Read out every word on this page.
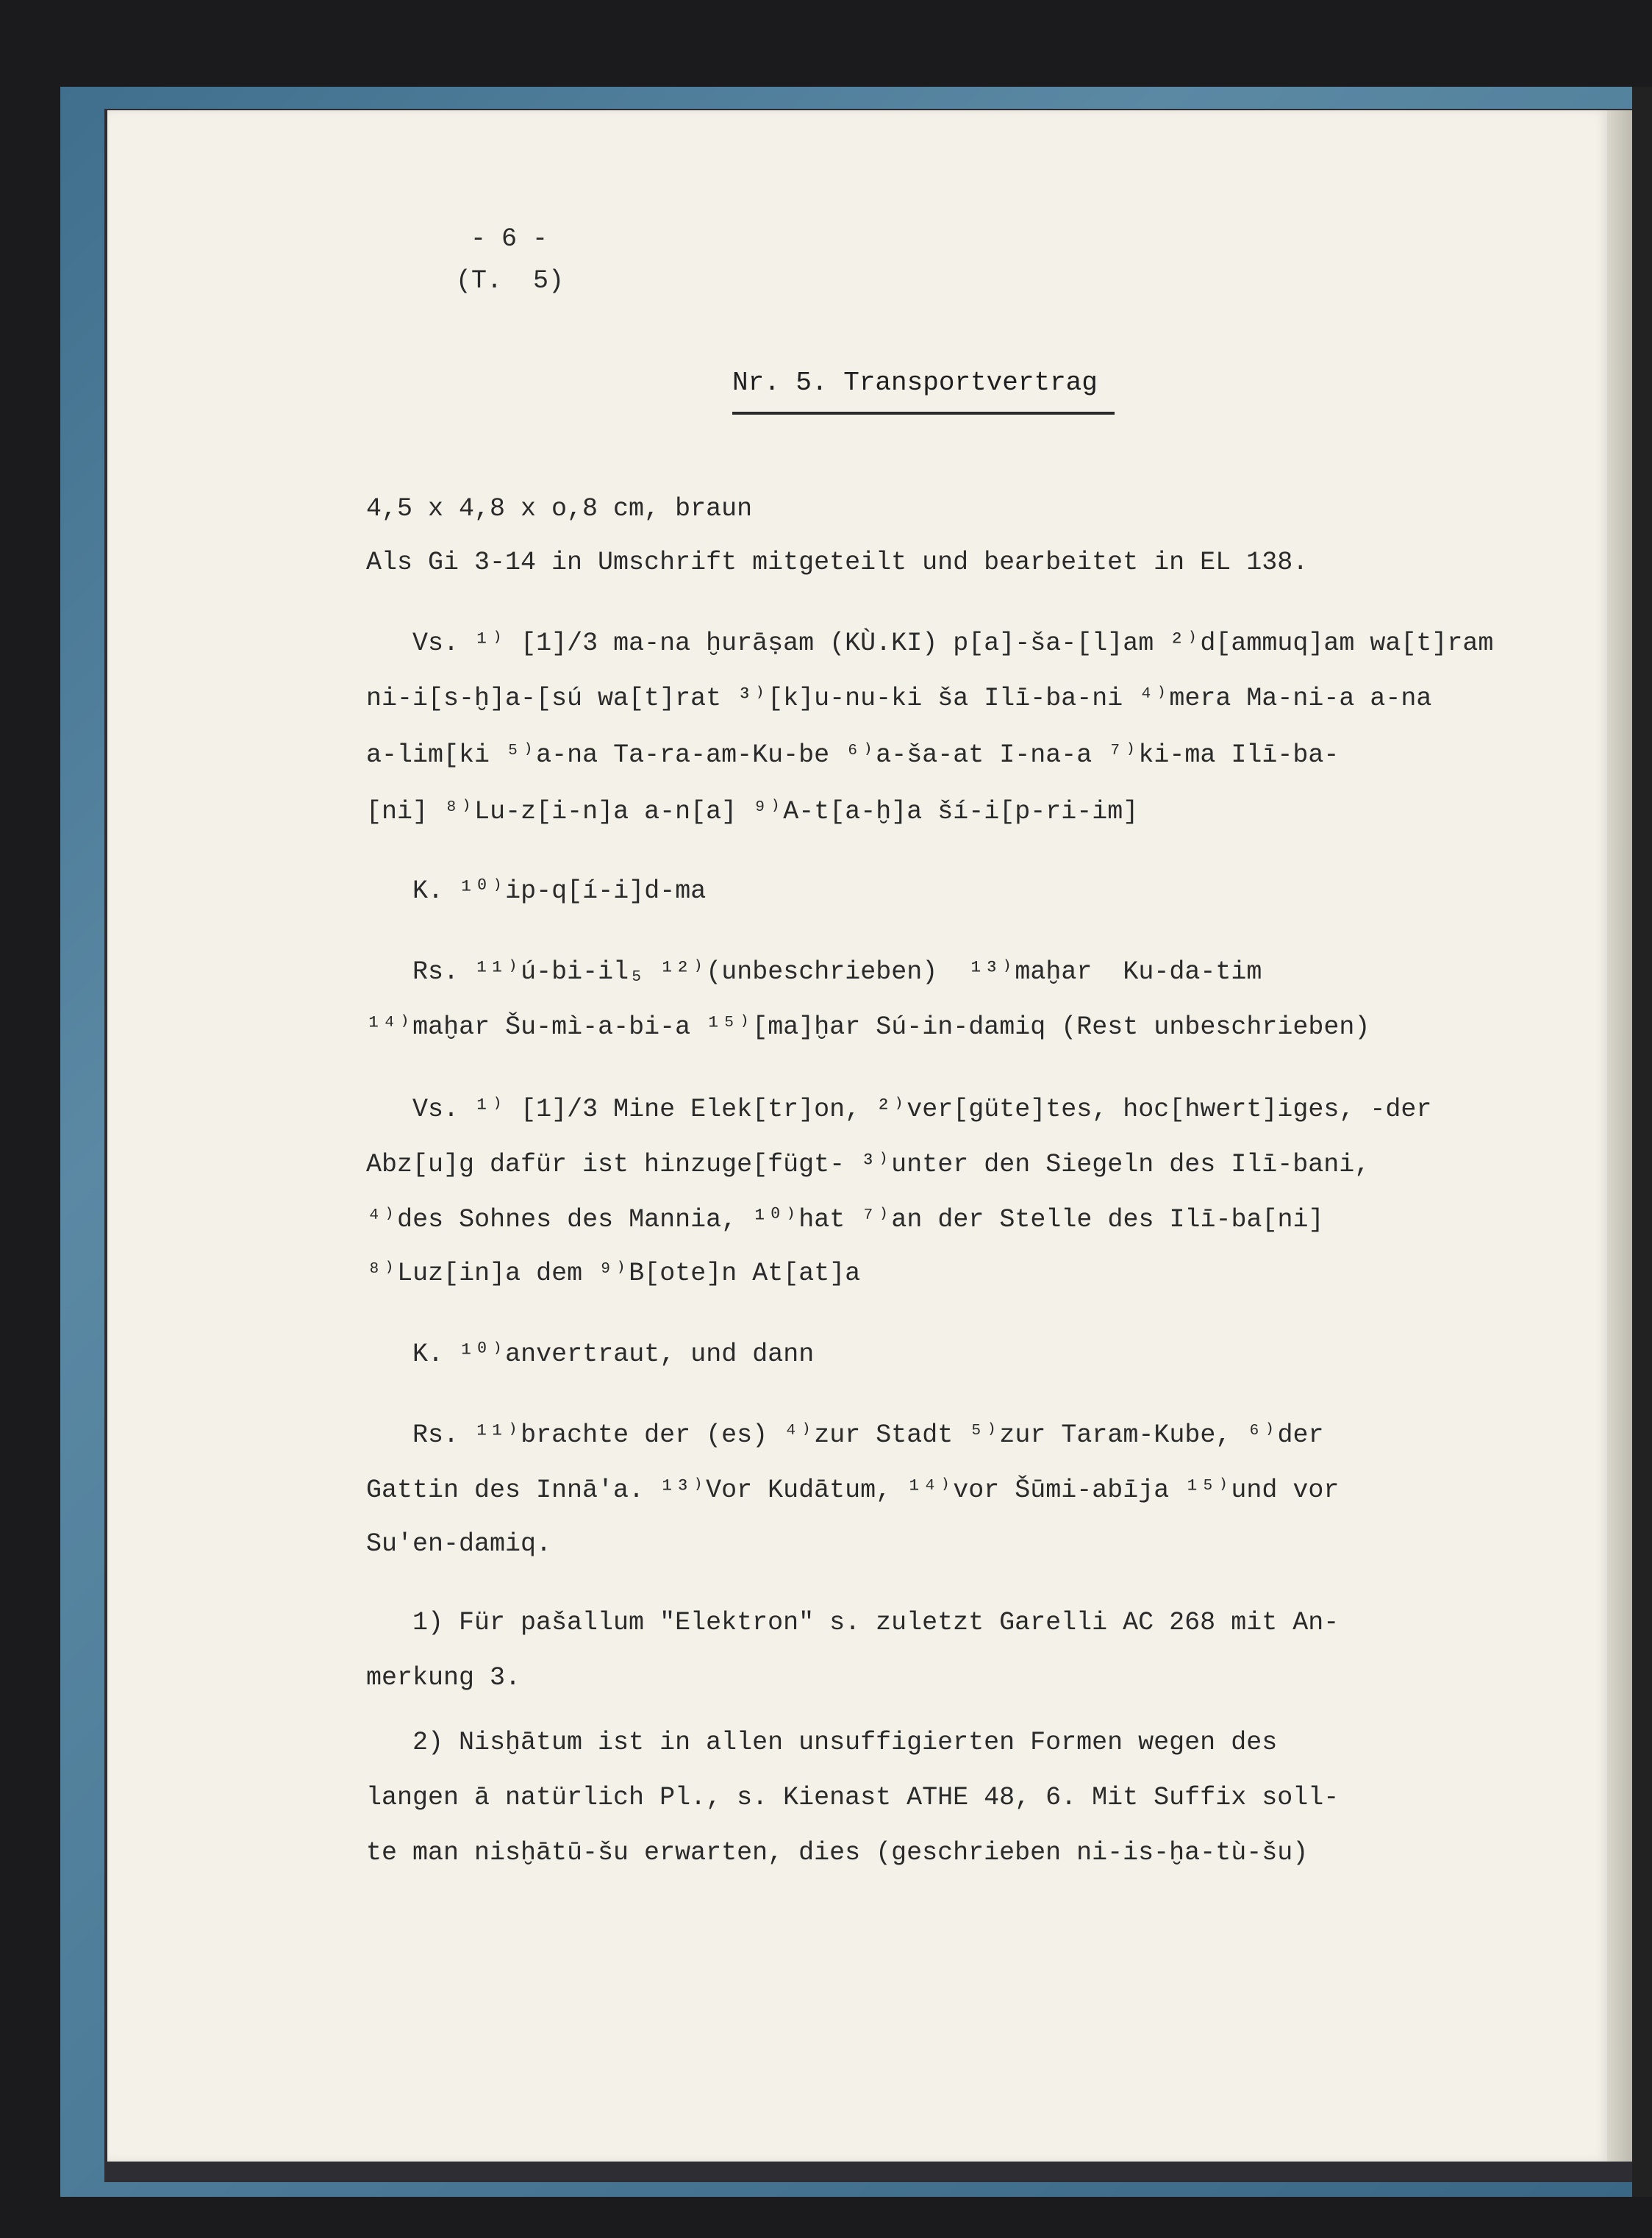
- 6 -
(T.  5)
Nr. 5. Transportvertrag
4,5 x 4,8 x o,8 cm, braun
Als Gi 3-14 in Umschrift mitgeteilt und bearbeitet in EL 138.
Vs. ¹⁾ [1]/3 ma-na ḫurāṣam (KÙ.KI) p[a]-ša-[l]am ²⁾d[ammuq]am wa[t]ram
ni-i[s-ḫ]a-[sú wa[t]rat ³⁾[k]u-nu-ki ša Ilī-ba-ni ⁴⁾mera Ma-ni-a a-na
a-lim[ki ⁵⁾a-na Ta-ra-am-Ku-be ⁶⁾a-ša-at I-na-a ⁷⁾ki-ma Ilī-ba-
[ni] ⁸⁾Lu-z[i-n]a a-n[a] ⁹⁾A-t[a-ḫ]a ší-i[p-ri-im]
K. ¹⁰⁾ip-q[í-i]d-ma
Rs. ¹¹⁾ú-bi-il₅ ¹²⁾(unbeschrieben)  ¹³⁾maḫar  Ku-da-tim
¹⁴⁾maḫar Šu-mì-a-bi-a ¹⁵⁾[ma]ḫar Sú-in-damiq (Rest unbeschrieben)
Vs. ¹⁾ [1]/3 Mine Elek[tr]on, ²⁾ver[güte]tes, hoc[hwert]iges, -der
Abz[u]g dafür ist hinzuge[fügt- ³⁾unter den Siegeln des Ilī-bani,
⁴⁾des Sohnes des Mannia, ¹⁰⁾hat ⁷⁾an der Stelle des Ilī-ba[ni]
⁸⁾Luz[in]a dem ⁹⁾B[ote]n At[at]a
K. ¹⁰⁾anvertraut, und dann
Rs. ¹¹⁾brachte der (es) ⁴⁾zur Stadt ⁵⁾zur Taram-Kube, ⁶⁾der
Gattin des Innā'a. ¹³⁾Vor Kudātum, ¹⁴⁾vor Šūmi-abīja ¹⁵⁾und vor
Su'en-damiq.
1) Für pašallum "Elektron" s. zuletzt Garelli AC 268 mit An-
merkung 3.
2) Nisḫātum ist in allen unsuffigierten Formen wegen des
langen ā natürlich Pl., s. Kienast ATHE 48, 6. Mit Suffix soll-
te man nisḫātū-šu erwarten, dies (geschrieben ni-is-ḫa-tù-šu)
